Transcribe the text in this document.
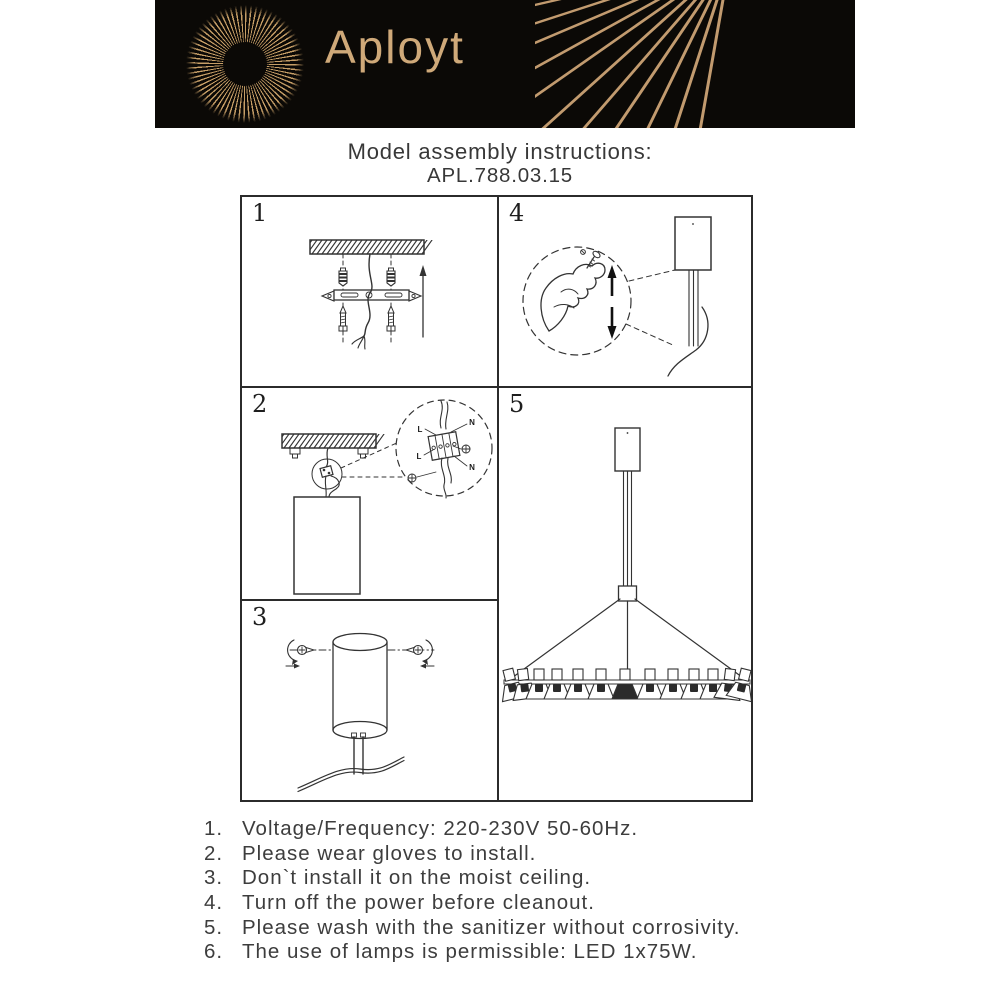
Aployt
Model assembly instructions:
APL.788.03.15
1	4
2
L
N
L
N
3
5
1. Voltage/Frequency: 220-230V 50-60Hz.
2. Please wear gloves to install.
3. Don`t install it on the moist ceiling.
4. Turn off the power before cleanout.
5. Please wash with the sanitizer without corrosivity.
6. The use of lamps is permissible: LED 1x75W.
